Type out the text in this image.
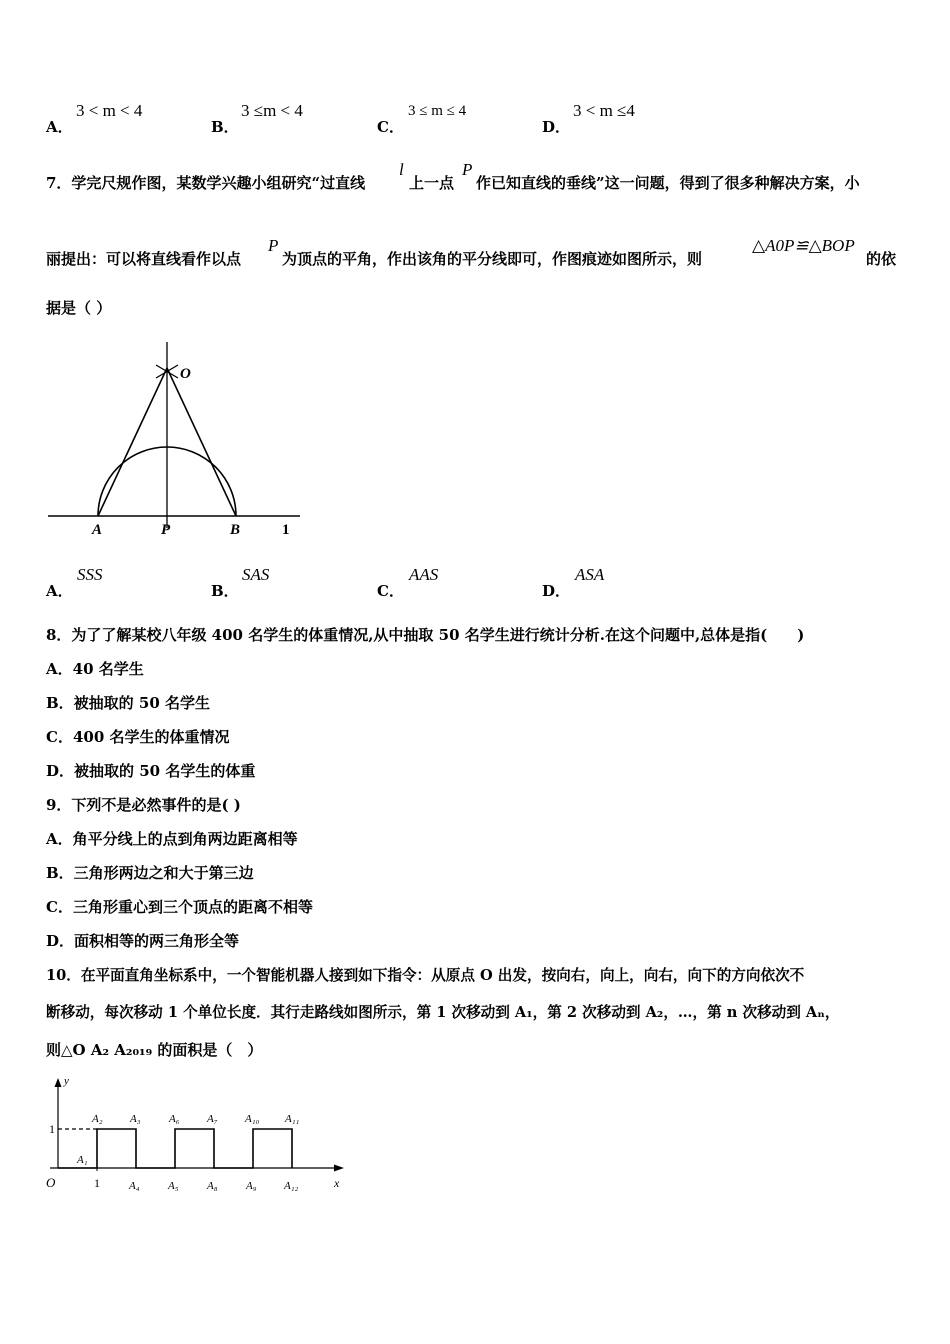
A．
3 < m < 4
B．
3 ≤m < 4
C．
3 ≤ m ≤ 4
D．
3 < m ≤4
7．学完尺规作图，某数学兴趣小组研究“过直线
l
上一点
P
作已知直线的垂线”这一问题，得到了很多种解决方案，小
丽提出：可以将直线看作以点
P
为顶点的平角，作出该角的平分线即可，作图痕迹如图所示，则
△A0P≌△BOP
的依
据是（ ）
O
A	P	B	1
A．
SSS
B．
SAS
C．
AAS
D．
ASA
8．为了了解某校八年级 400 名学生的体重情况,从中抽取 50 名学生进行统计分析.在这个问题中,总体是指(　　)
A．40 名学生
B．被抽取的 50 名学生
C．400 名学生的体重情况
D．被抽取的 50 名学生的体重
9．下列不是必然事件的是( )
A．角平分线上的点到角两边距离相等
B．三角形两边之和大于第三边
C．三角形重心到三个顶点的距离不相等
D．面积相等的两三角形全等
10．在平面直角坐标系中，一个智能机器人接到如下指令：从原点 O 出发，按向右，向上，向右，向下的方向依次不
断移动，每次移动 1 个单位长度．其行走路线如图所示，第 1 次移动到 A₁，第 2 次移动到 A₂，…，第 n 次移动到 Aₙ，
则△O A₂ A₂₀₁₉ 的面积是（　）
y
x
O	1
1
A₁
A₂ A₃	A₆ A₇ A₁₀ A₁₁
A₄	A₅	A₈	A₉ A₁₂
